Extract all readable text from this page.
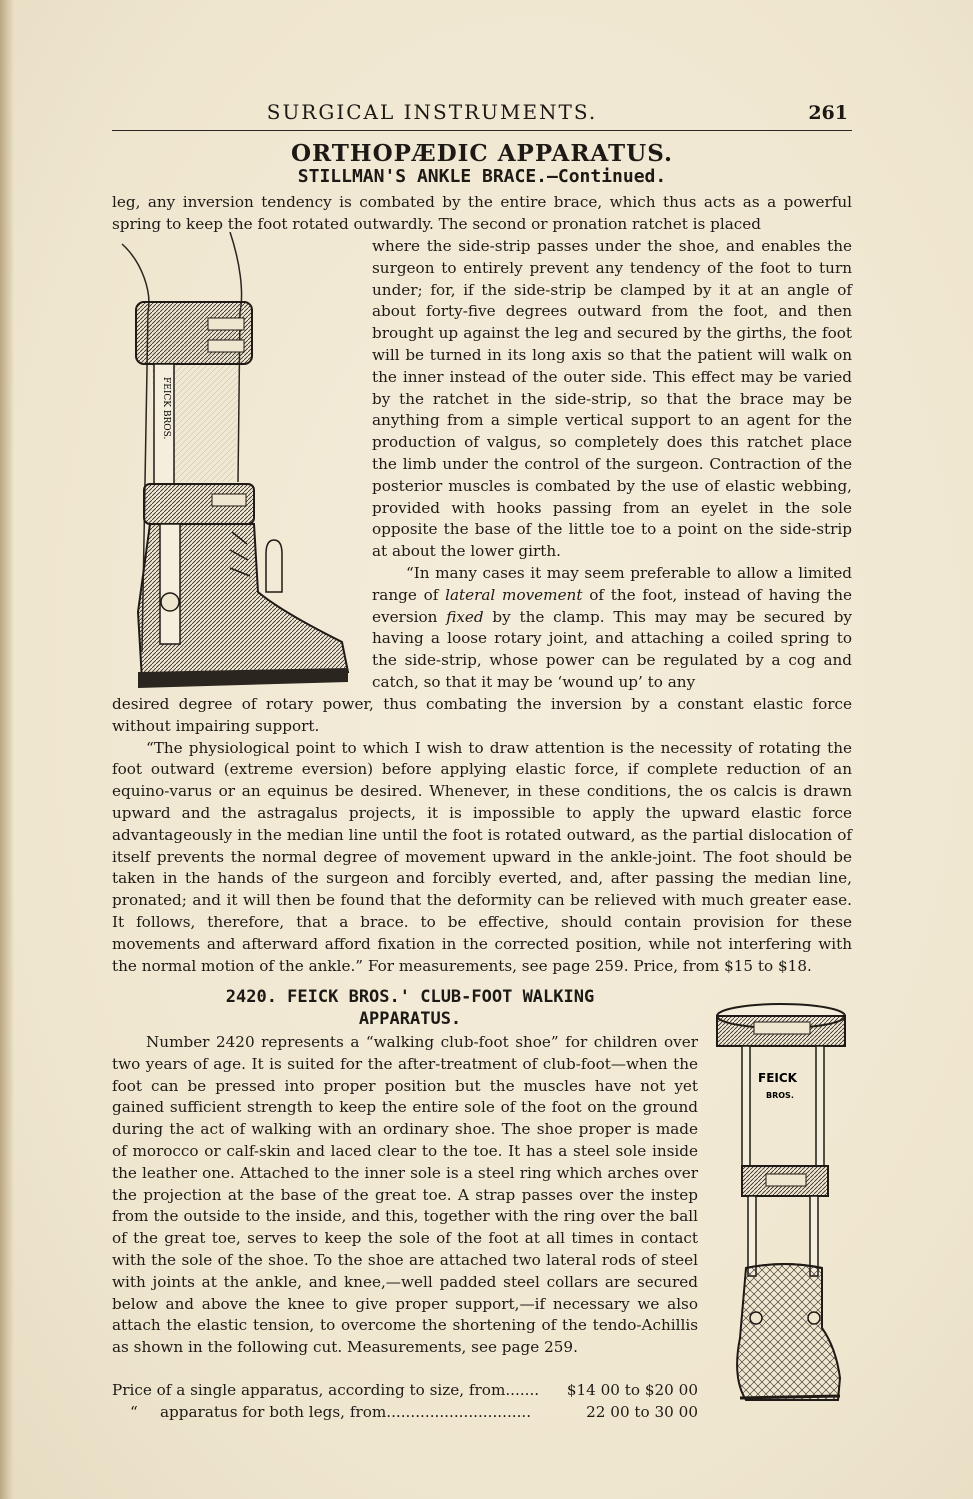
SURGICAL INSTRUMENTS.	261
ORTHOPÆDIC APPARATUS.
STILLMAN'S ANKLE BRACE.—Continued.

leg, any inversion tendency is combated by the entire brace, which thus acts as a powerful spring to keep the foot rotated outwardly. The second or pronation ratchet is placed

FEICK BROS.

where the side-strip passes under the shoe, and enables the surgeon to entirely prevent any tendency of the foot to turn under; for, if the side-strip be clamped by it at an angle of about forty-five degrees outward from the foot, and then brought up against the leg and secured by the girths, the foot will be turned in its long axis so that the patient will walk on the inner instead of the outer side. This effect may be varied by the ratchet in the side-strip, so that the brace may be anything from a simple vertical support to an agent for the production of valgus, so completely does this ratchet place the limb under the control of the surgeon. Contraction of the posterior muscles is combated by the use of elastic webbing, provided with hooks passing from an eyelet in the sole opposite the base of the little toe to a point on the side-strip at about the lower girth.

“In many cases it may seem preferable to allow a limited range of lateral movement of the foot, instead of having the eversion fixed by the clamp. This may may be secured by having a loose rotary joint, and attaching a coiled spring to the side-strip, whose power can be regulated by a cog and catch, so that it may be ‘wound up’ to any

desired degree of rotary power, thus combating the inversion by a constant elastic force without impairing support.

“The physiological point to which I wish to draw attention is the necessity of rotating the foot outward (extreme eversion) before applying elastic force, if complete reduction of an equino-varus or an equinus be desired. Whenever, in these conditions, the os calcis is drawn upward and the astragalus projects, it is impossible to apply the upward elastic force advantageously in the median line until the foot is rotated outward, as the partial dislocation of itself prevents the normal degree of movement upward in the ankle-joint. The foot should be taken in the hands of the surgeon and forcibly everted, and, after passing the median line, pronated; and it will then be found that the deformity can be relieved with much greater ease. It follows, therefore, that a brace. to be effective, should contain provision for these movements and afterward afford fixation in the corrected position, while not interfering with the normal motion of the ankle.” For measurements, see page 259. Price, from $15 to $18.

2420. FEICK BROS.' CLUB-FOOT WALKING
APPARATUS.

Number 2420 represents a “walking club-foot shoe” for children over two years of age. It is suited for the after-treatment of club-foot—when the foot can be pressed into proper position but the muscles have not yet gained sufficient strength to keep the entire sole of the foot on the ground during the act of walking with an ordinary shoe. The shoe proper is made of morocco or calf-skin and laced clear to the toe. It has a steel sole inside the leather one. Attached to the inner sole is a steel ring which arches over the projection at the base of the great toe. A strap passes over the instep from the outside to the inside, and this, together with the ring over the ball of the great toe, serves to keep the sole of the foot at all times in contact with the sole of the shoe. To the shoe are attached two lateral rods of steel with joints at the ankle, and knee,—well padded steel collars are secured below and above the knee to give proper support,—if necessary we also attach the elastic tension, to overcome the shortening of the tendo-Achillis as shown in the following cut. Measurements, see page 259.

Price of a single apparatus, according to size, from....... $14 00 to $20 00
“ apparatus for both legs, from..............................	22 00 to 30 00
FEICK
BROS.
